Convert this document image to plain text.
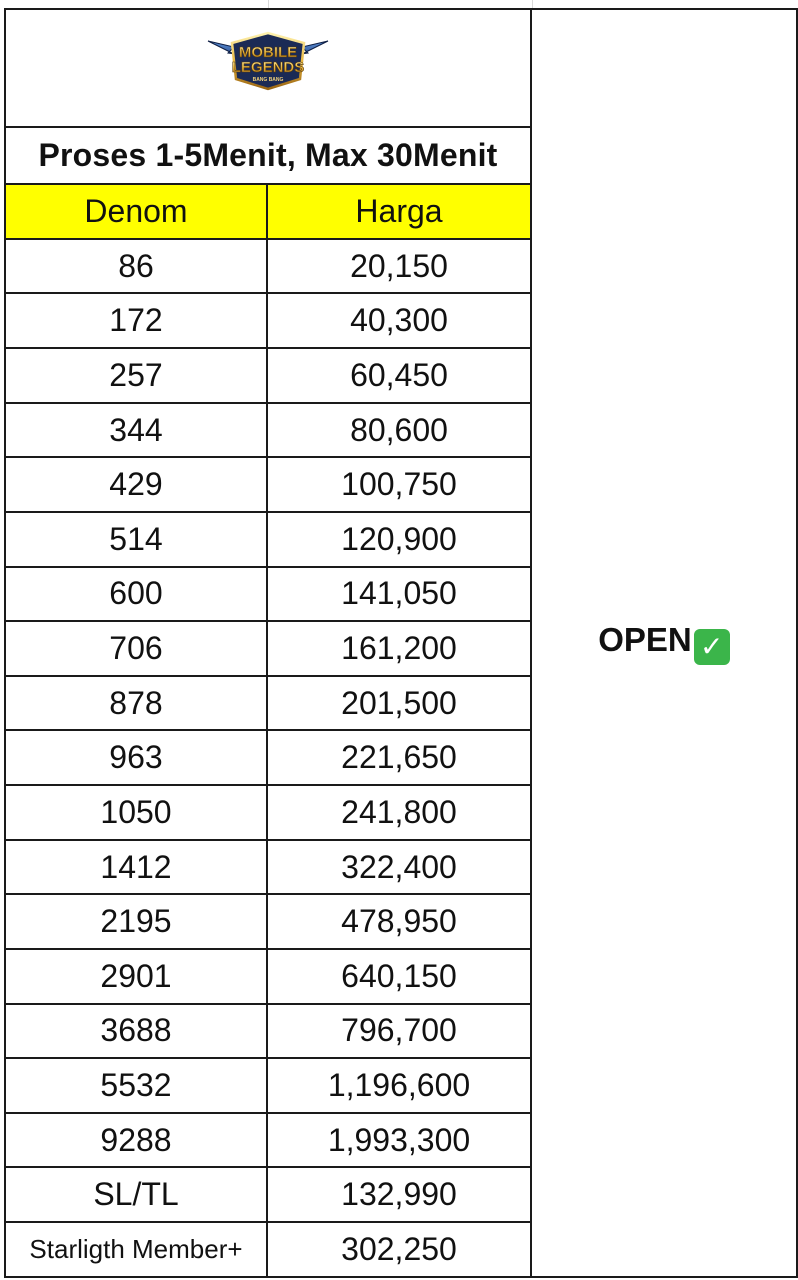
MOBILE
LEGENDS
BANG BANG		OPEN ✓
Proses 1-5Menit, Max 30Menit		
Denom	Harga	
86	20,150	
172	40,300	
257	60,450	
344	80,600	
429	100,750	
514	120,900	
600	141,050	
706	161,200	
878	201,500	
963	221,650	
1050	241,800	
1412	322,400	
2195	478,950	
2901	640,150	
3688	796,700	
5532	1,196,600	
9288	1,993,300	
SL/TL	132,990	
Starligth Member+	302,250	
